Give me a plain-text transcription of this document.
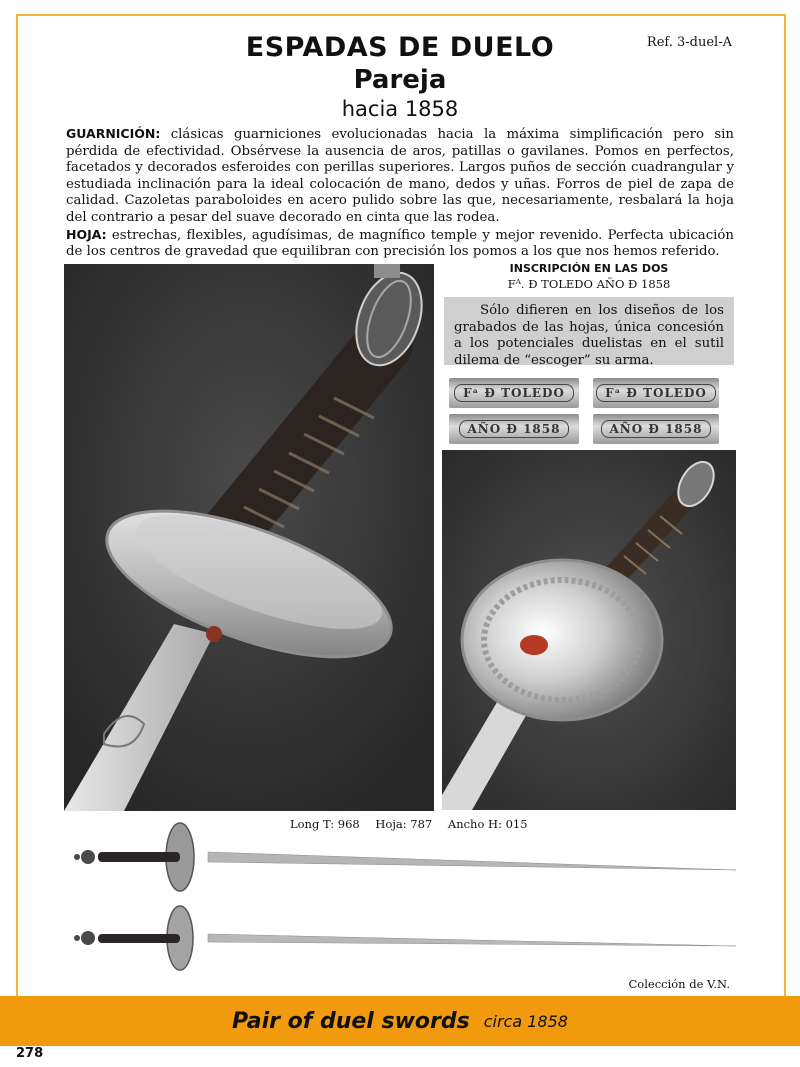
ESPADAS DE DUELO
Pareja
hacia 1858
Ref. 3-duel-A

GUARNICIÓN: clásicas guarniciones evolucionadas hacia la máxima simplificación pero sin pérdida de efectividad. Obsérvese la ausencia de aros, patillas o gavilanes. Pomos en perfectos, facetados y decorados esferoides con perillas superiores. Largos puños de sección cuadrangular y estudiada inclinación para la ideal colocación de mano, dedos y uñas. Forros de piel de zapa de calidad. Cazoletas paraboloides en acero pulido sobre las que, necesariamente, resbalará la hoja del contrario a pesar del suave decorado en cinta que las rodea.

HOJA: estrechas, flexibles, agudísimas, de magnífico temple y mejor revenido. Perfecta ubicación de los centros de gravedad que equilibran con precisión los pomos a los que nos hemos referido.

INSCRIPCIÓN EN LAS DOS
Fᴬ. Ð TOLEDO AÑO Ð 1858
Sólo difieren en los diseños de los grabados de las hojas, única concesión a los potenciales duelistas en el sutil dilema de “escoger” su arma.
Fᵃ Ð TOLEDO	Fᵃ Ð TOLEDO
AÑO Ð 1858	AÑO Ð 1858
Long T: 968 Hoja: 787 Ancho H: 015
Colección de V.N.
Pair of duel swords circa 1858
278
